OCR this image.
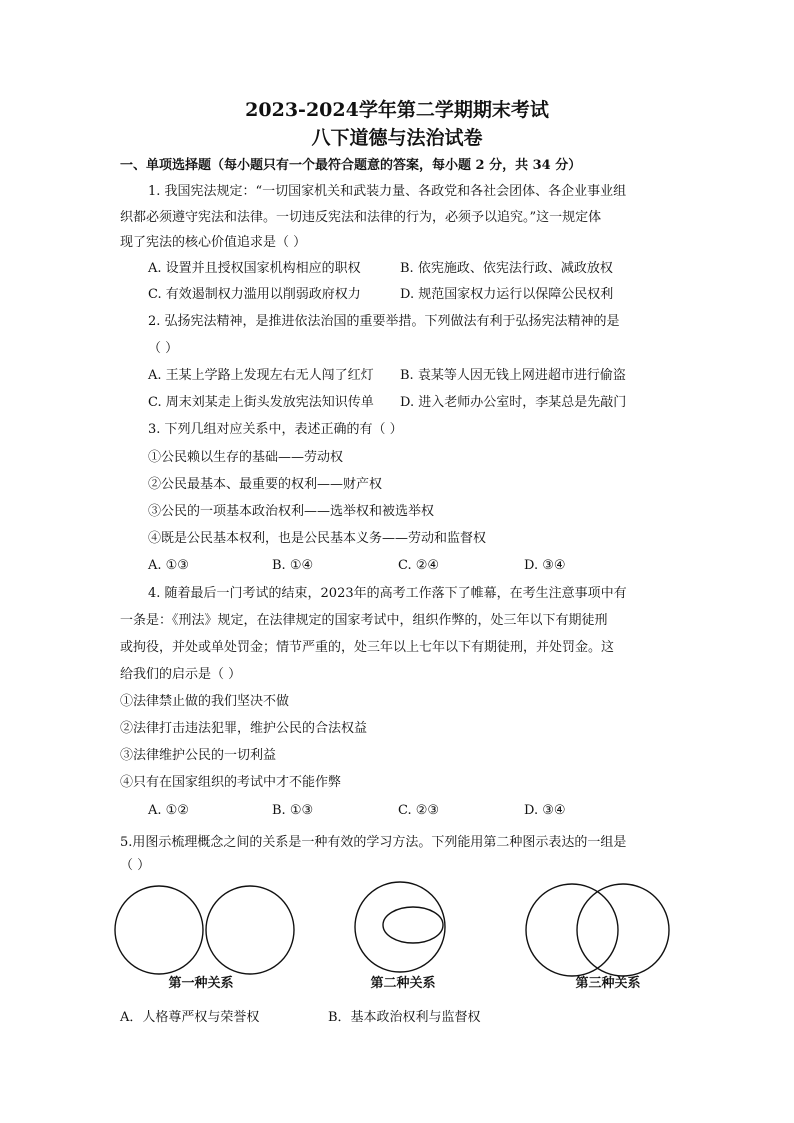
2023-2024学年第二学期期末考试
八下道德与法治试卷
一、单项选择题（每小题只有一个最符合题意的答案，每小题 2 分，共 34 分）
1. 我国宪法规定：“一切国家机关和武装力量、各政党和各社会团体、各企业事业组
织都必须遵守宪法和法律。一切违反宪法和法律的行为，必须予以追究。”这一规定体
现了宪法的核心价值追求是（ ）
A. 设置并且授权国家机构相应的职权	B. 依宪施政、依宪法行政、减政放权
C. 有效遏制权力滥用以削弱政府权力	D. 规范国家权力运行以保障公民权利
2. 弘扬宪法精神，是推进依法治国的重要举措。下列做法有利于弘扬宪法精神的是
（ ）
A. 王某上学路上发现左右无人闯了红灯 B. 袁某等人因无钱上网进超市进行偷盗
C. 周末刘某走上街头发放宪法知识传单 D. 进入老师办公室时，李某总是先敲门
3. 下列几组对应关系中，表述正确的有（ ）
①公民赖以生存的基础——劳动权
②公民最基本、最重要的权利——财产权
③公民的一项基本政治权利——选举权和被选举权
④既是公民基本权利，也是公民基本义务——劳动和监督权
A. ①③	B. ①④	C. ②④	D. ③④
4. 随着最后一门考试的结束，2023年的高考工作落下了帷幕，在考生注意事项中有
一条是：《刑法》规定，在法律规定的国家考试中，组织作弊的，处三年以下有期徒刑
或拘役，并处或单处罚金；情节严重的，处三年以上七年以下有期徒刑，并处罚金。这
给我们的启示是（ ）
①法律禁止做的我们坚决不做
②法律打击违法犯罪，维护公民的合法权益
③法律维护公民的一切利益
④只有在国家组织的考试中才不能作弊
A. ①②	B. ①③	C. ②③	D. ③④
5.用图示梳理概念之间的关系是一种有效的学习方法。下列能用第二种图示表达的一组是
（ ）
第一种关系	第二种关系	第三种关系
A．人格尊严权与荣誉权	B．基本政治权利与监督权
